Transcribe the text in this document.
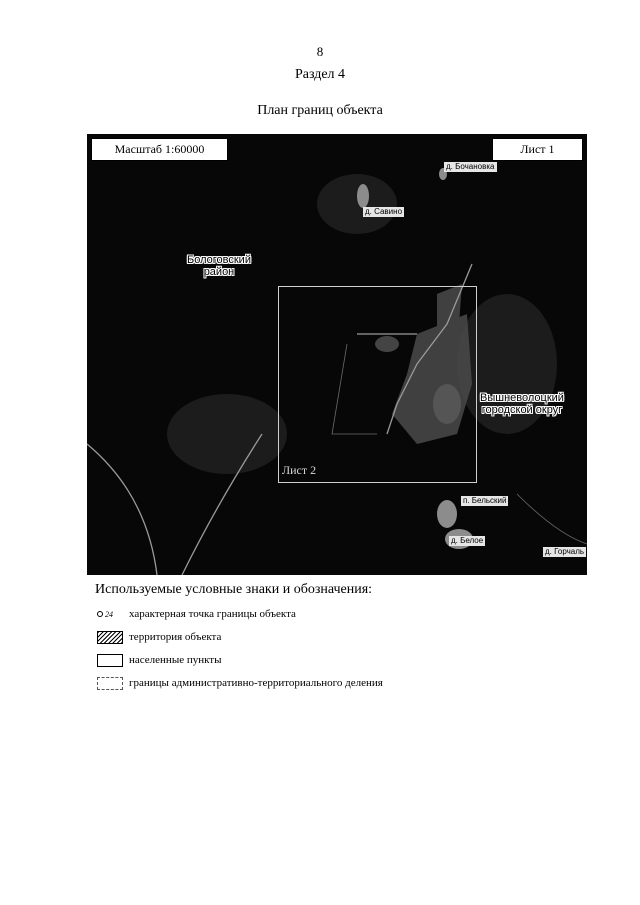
8
Раздел 4
План границ объекта
Масштаб 1:60000	Лист 1
Лист 2
д. Бочановка
д. Савино
п. Бельский
д. Белое
д. Горчаль
Бологовский
район
Вышневолоцкий
городской округ
Используемые условные знаки и обозначения:
24 характерная точка границы объекта
территория объекта
населенные пункты
границы административно-территориального деления
